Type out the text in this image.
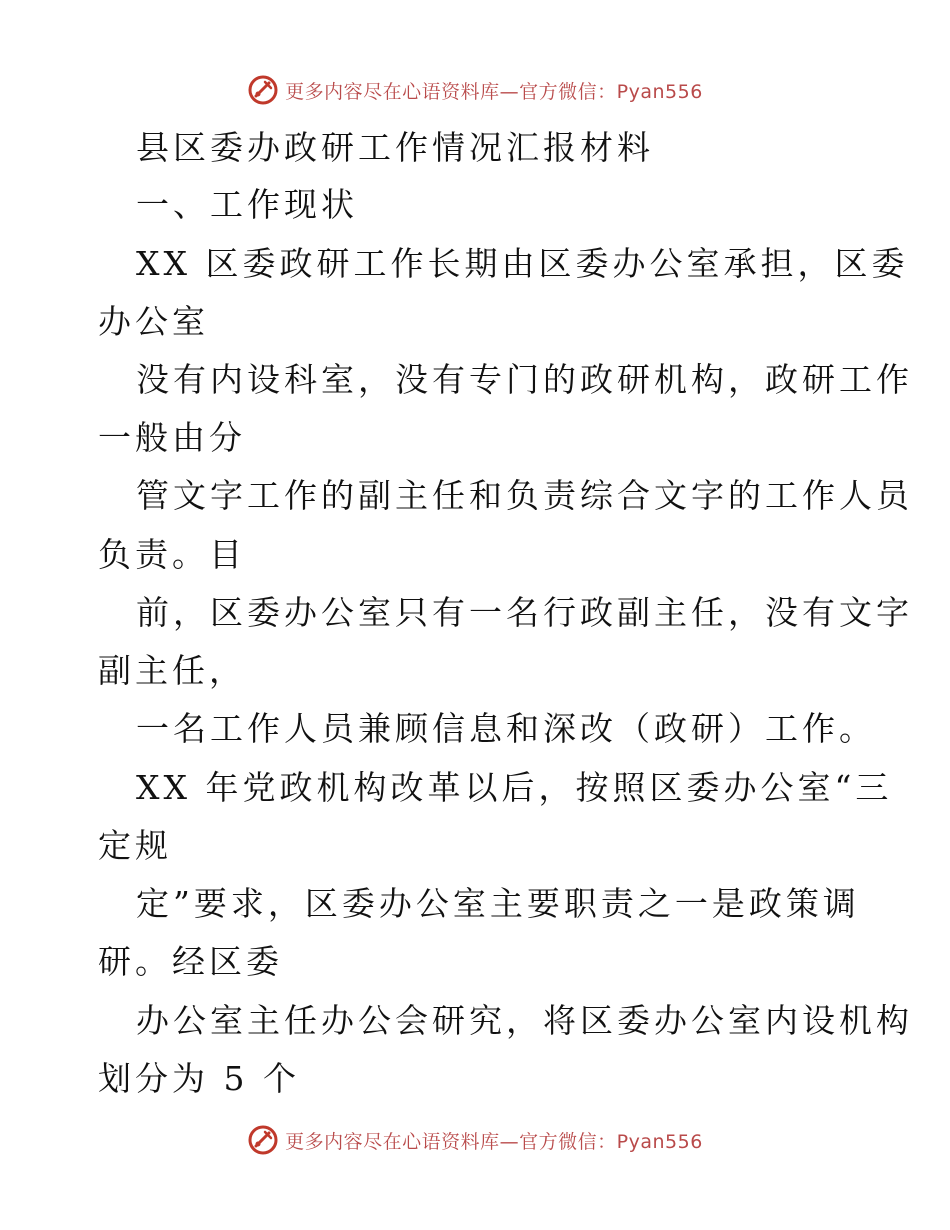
更多内容尽在心语资料库—官方微信：Pyan556
县区委办政研工作情况汇报材料
一、工作现状
XX 区委政研工作长期由区委办公室承担，区委
办公室
没有内设科室，没有专门的政研机构，政研工作
一般由分
管文字工作的副主任和负责综合文字的工作人员
负责。目
前，区委办公室只有一名行政副主任，没有文字
副主任，
一名工作人员兼顾信息和深改（政研）工作。
XX 年党政机构改革以后，按照区委办公室“三
定规
定”要求，区委办公室主要职责之一是政策调
研。经区委
办公室主任办公会研究，将区委办公室内设机构
划分为 5 个
更多内容尽在心语资料库—官方微信：Pyan556
